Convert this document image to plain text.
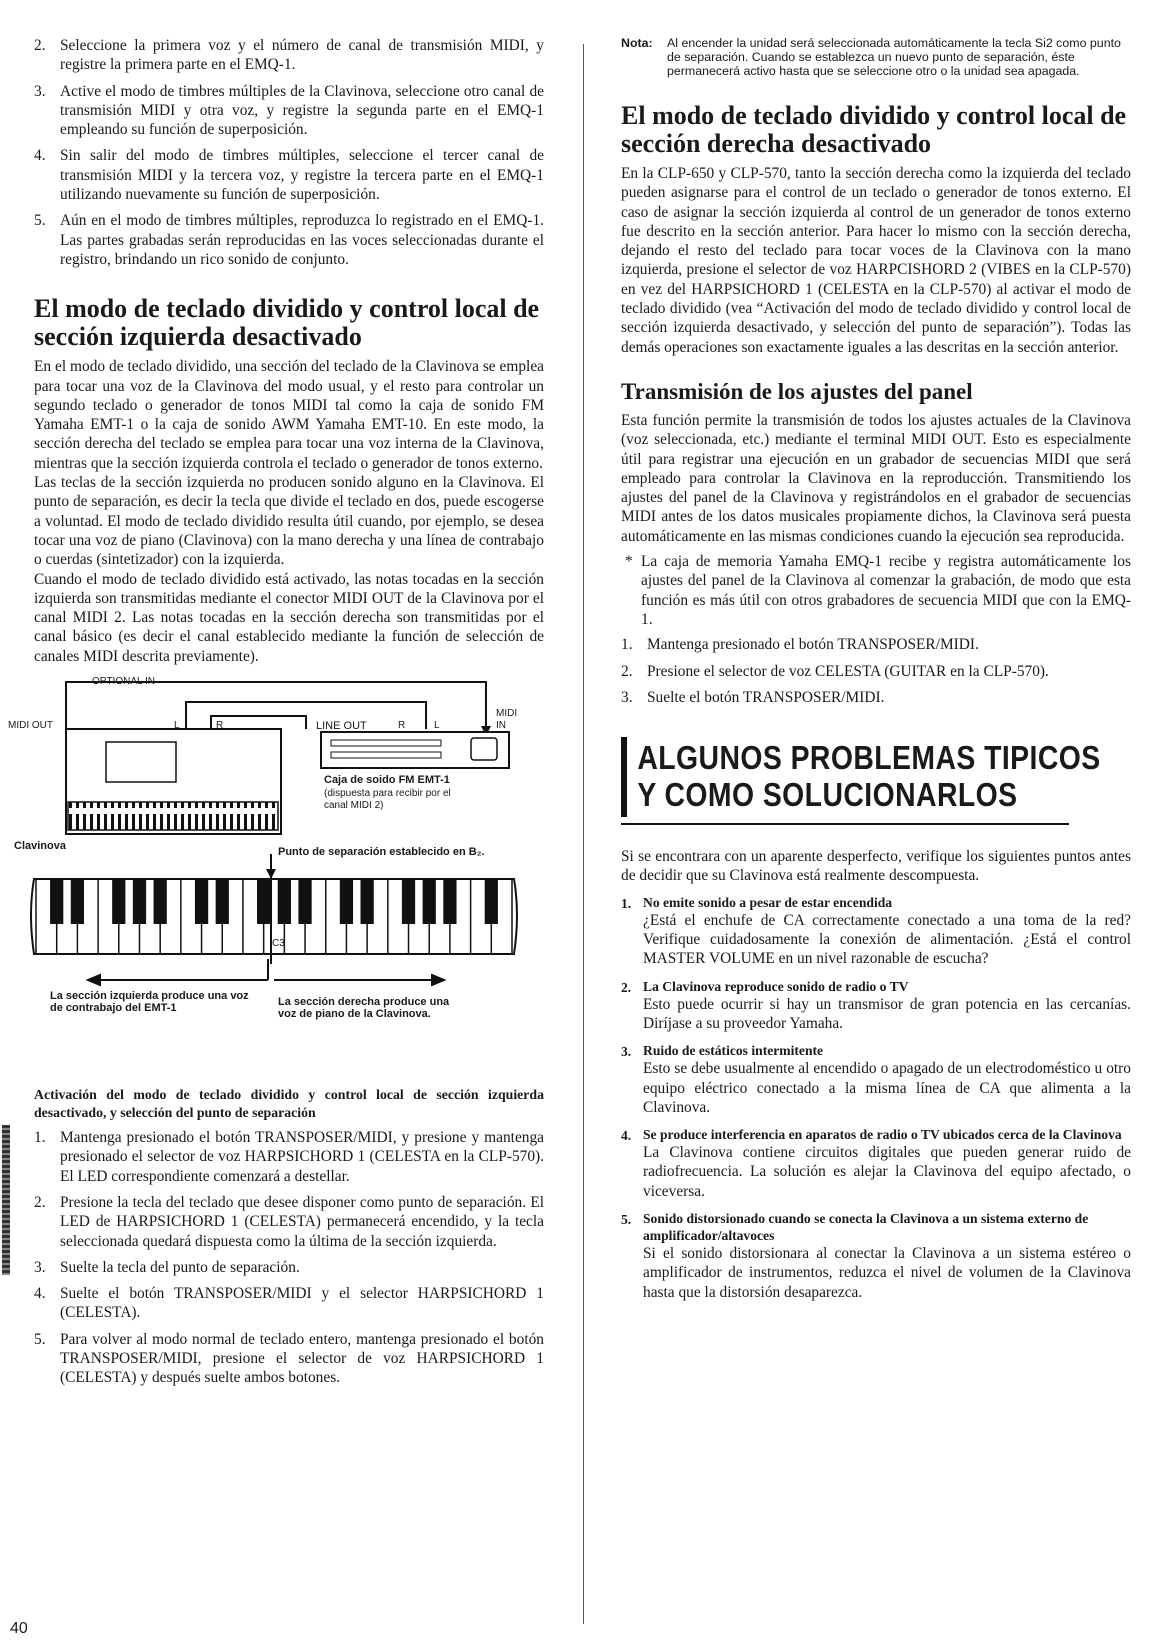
2. Seleccione la primera voz y el número de canal de transmisión MIDI, y registre la primera parte en el EMQ-1.
3. Active el modo de timbres múltiples de la Clavinova, seleccione otro canal de transmisión MIDI y otra voz, y registre la segunda parte en el EMQ-1 empleando su función de superposición.
4. Sin salir del modo de timbres múltiples, seleccione el tercer canal de transmisión MIDI y la tercera voz, y registre la tercera parte en el EMQ-1 utilizando nuevamente su función de superposición.
5. Aún en el modo de timbres múltiples, reproduzca lo registrado en el EMQ-1. Las partes grabadas serán reproducidas en las voces seleccionadas durante el registro, brindando un rico sonido de conjunto.
El modo de teclado dividido y control local de sección izquierda desactivado

En el modo de teclado dividido, una sección del teclado de la Clavinova se emplea para tocar una voz de la Clavinova del modo usual, y el resto para controlar un segundo teclado o generador de tonos MIDI tal como la caja de sonido FM Yamaha EMT-1 o la caja de sonido AWM Yamaha EMT-10. En este modo, la sección derecha del teclado se emplea para tocar una voz interna de la Clavinova, mientras que la sección izquierda controla el teclado o generador de tonos externo.

Las teclas de la sección izquierda no producen sonido alguno en la Clavinova. El punto de separación, es decir la tecla que divide el teclado en dos, puede escogerse a voluntad. El modo de teclado dividido resulta útil cuando, por ejemplo, se desea tocar una voz de piano (Clavinova) con la mano derecha y una línea de contrabajo o cuerdas (sintetizador) con la izquierda.

Cuando el modo de teclado dividido está activado, las notas tocadas en la sección izquierda son transmitidas mediante el conector MIDI OUT de la Clavinova por el canal MIDI 2. Las notas tocadas en la sección derecha son transmitidas por el canal básico (es decir el canal establecido mediante la función de selección de canales MIDI descrita previamente).

OPTIONAL IN
MIDI OUT	L	R	LINE OUT	R	L
MIDI
IN
Caja de soido FM EMT-1
(dispuesta para recibir por el canal MIDI 2)
Clavinova	Punto de separación establecido en B₂.
C3
La sección izquierda produce una voz de contrabajo del EMT-1	La sección derecha produce una voz de piano de la Clavinova.

Activación del modo de teclado dividido y control local de sección izquierda desactivado, y selección del punto de separación

1. Mantenga presionado el botón TRANSPOSER/MIDI, y presione y mantenga presionado el selector de voz HARPSICHORD 1 (CELESTA en la CLP-570). El LED correspondiente comenzará a destellar.
2. Presione la tecla del teclado que desee disponer como punto de separación. El LED de HARPSICHORD 1 (CELESTA) permanecerá encendido, y la tecla seleccionada quedará dispuesta como la última de la sección izquierda.
3. Suelte la tecla del punto de separación.
4. Suelte el botón TRANSPOSER/MIDI y el selector HARPSICHORD 1 (CELESTA).
5. Para volver al modo normal de teclado entero, mantenga presionado el botón TRANSPOSER/MIDI, presione el selector de voz HARPSICHORD 1 (CELESTA) y después suelte ambos botones.
Nota: Al encender la unidad será seleccionada automáticamente la tecla Si2 como punto de separación. Cuando se establezca un nuevo punto de separación, éste permanecerá activo hasta que se seleccione otro o la unidad sea apagada.
El modo de teclado dividido y control local de sección derecha desactivado

En la CLP-650 y CLP-570, tanto la sección derecha como la izquierda del teclado pueden asignarse para el control de un teclado o generador de tonos externo. El caso de asignar la sección izquierda al control de un generador de tonos externo fue descrito en la sección anterior. Para hacer lo mismo con la sección derecha, dejando el resto del teclado para tocar voces de la Clavinova con la mano izquierda, presione el selector de voz HARPCISHORD 2 (VIBES en la CLP-570) en vez del HARPSICHORD 1 (CELESTA en la CLP-570) al activar el modo de teclado dividido (vea “Activación del modo de teclado dividido y control local de sección izquierda desactivado, y selección del punto de separación”). Todas las demás operaciones son exactamente iguales a las descritas en la sección anterior.

Transmisión de los ajustes del panel

Esta función permite la transmisión de todos los ajustes actuales de la Clavinova (voz seleccionada, etc.) mediante el terminal MIDI OUT. Esto es especialmente útil para registrar una ejecución en un grabador de secuencias MIDI que será empleado para controlar la Clavinova en la reproducción. Transmitiendo los ajustes del panel de la Clavinova y registrándolos en el grabador de secuencias MIDI antes de los datos musicales propiamente dichos, la Clavinova será puesta automáticamente en las mismas condiciones cuando la ejecución sea reproducida.

* La caja de memoria Yamaha EMQ-1 recibe y registra automáticamente los ajustes del panel de la Clavinova al comenzar la grabación, de modo que esta función es más útil con otros grabadores de secuencia MIDI que con la EMQ-1.
1. Mantenga presionado el botón TRANSPOSER/MIDI.
2. Presione el selector de voz CELESTA (GUITAR en la CLP-570).
3. Suelte el botón TRANSPOSER/MIDI.
ALGUNOS PROBLEMAS TIPICOS
Y COMO SOLUCIONARLOS

Si se encontrara con un aparente desperfecto, verifique los siguientes puntos antes de decidir que su Clavinova está realmente descompuesta.

1. No emite sonido a pesar de estar encendida
¿Está el enchufe de CA correctamente conectado a una toma de la red? Verifique cuidadosamente la conexión de alimentación. ¿Está el control MASTER VOLUME en un nivel razonable de escucha?
2. La Clavinova reproduce sonido de radio o TV
Esto puede ocurrir si hay un transmisor de gran potencia en las cercanías. Diríjase a su proveedor Yamaha.
3. Ruido de estáticos intermitente
Esto se debe usualmente al encendido o apagado de un electrodoméstico u otro equipo eléctrico conectado a la misma línea de CA que alimenta a la Clavinova.
4. Se produce interferencia en aparatos de radio o TV ubicados cerca de la Clavinova
La Clavinova contiene circuitos digitales que pueden generar ruido de radiofrecuencia. La solución es alejar la Clavinova del equipo afectado, o viceversa.
5. Sonido distorsionado cuando se conecta la Clavinova a un sistema externo de amplificador/altavoces
Si el sonido distorsionara al conectar la Clavinova a un sistema estéreo o amplificador de instrumentos, reduzca el nivel de volumen de la Clavinova hasta que la distorsión desaparezca.
40
